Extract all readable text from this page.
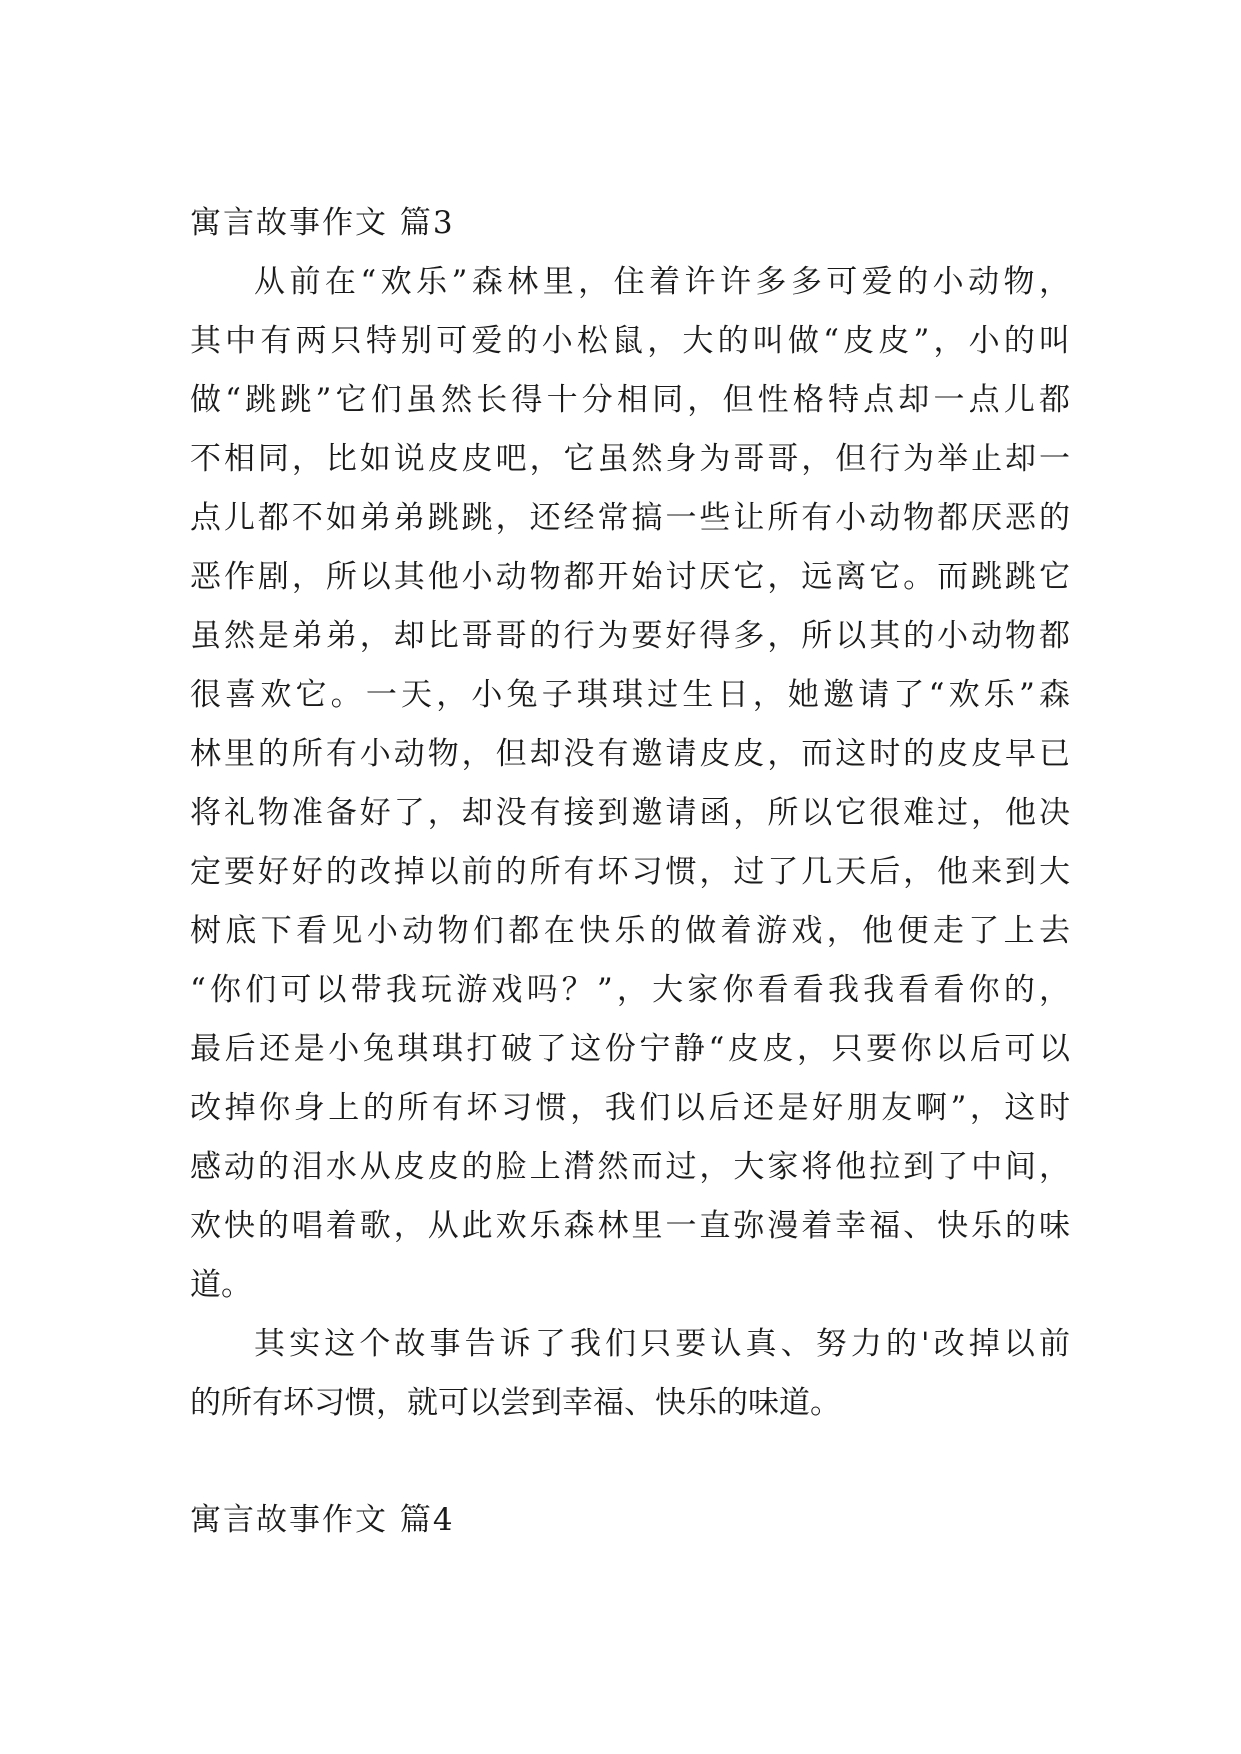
寓言故事作文 篇3
从前在“欢乐”森林里，住着许许多多可爱的小动物，
其中有两只特别可爱的小松鼠，大的叫做“皮皮”，小的叫
做“跳跳”它们虽然长得十分相同，但性格特点却一点儿都
不相同，比如说皮皮吧，它虽然身为哥哥，但行为举止却一
点儿都不如弟弟跳跳，还经常搞一些让所有小动物都厌恶的
恶作剧，所以其他小动物都开始讨厌它，远离它。而跳跳它
虽然是弟弟，却比哥哥的行为要好得多，所以其的小动物都
很喜欢它。一天，小兔子琪琪过生日，她邀请了“欢乐”森
林里的所有小动物，但却没有邀请皮皮，而这时的皮皮早已
将礼物准备好了，却没有接到邀请函，所以它很难过，他决
定要好好的改掉以前的所有坏习惯，过了几天后，他来到大
树底下看见小动物们都在快乐的做着游戏，他便走了上去
“你们可以带我玩游戏吗？”，大家你看看我我看看你的，
最后还是小兔琪琪打破了这份宁静“皮皮，只要你以后可以
改掉你身上的所有坏习惯，我们以后还是好朋友啊”，这时
感动的泪水从皮皮的脸上潸然而过，大家将他拉到了中间，
欢快的唱着歌，从此欢乐森林里一直弥漫着幸福、快乐的味
道。
其实这个故事告诉了我们只要认真、努力的'改掉以前
的所有坏习惯，就可以尝到幸福、快乐的味道。
寓言故事作文 篇4
